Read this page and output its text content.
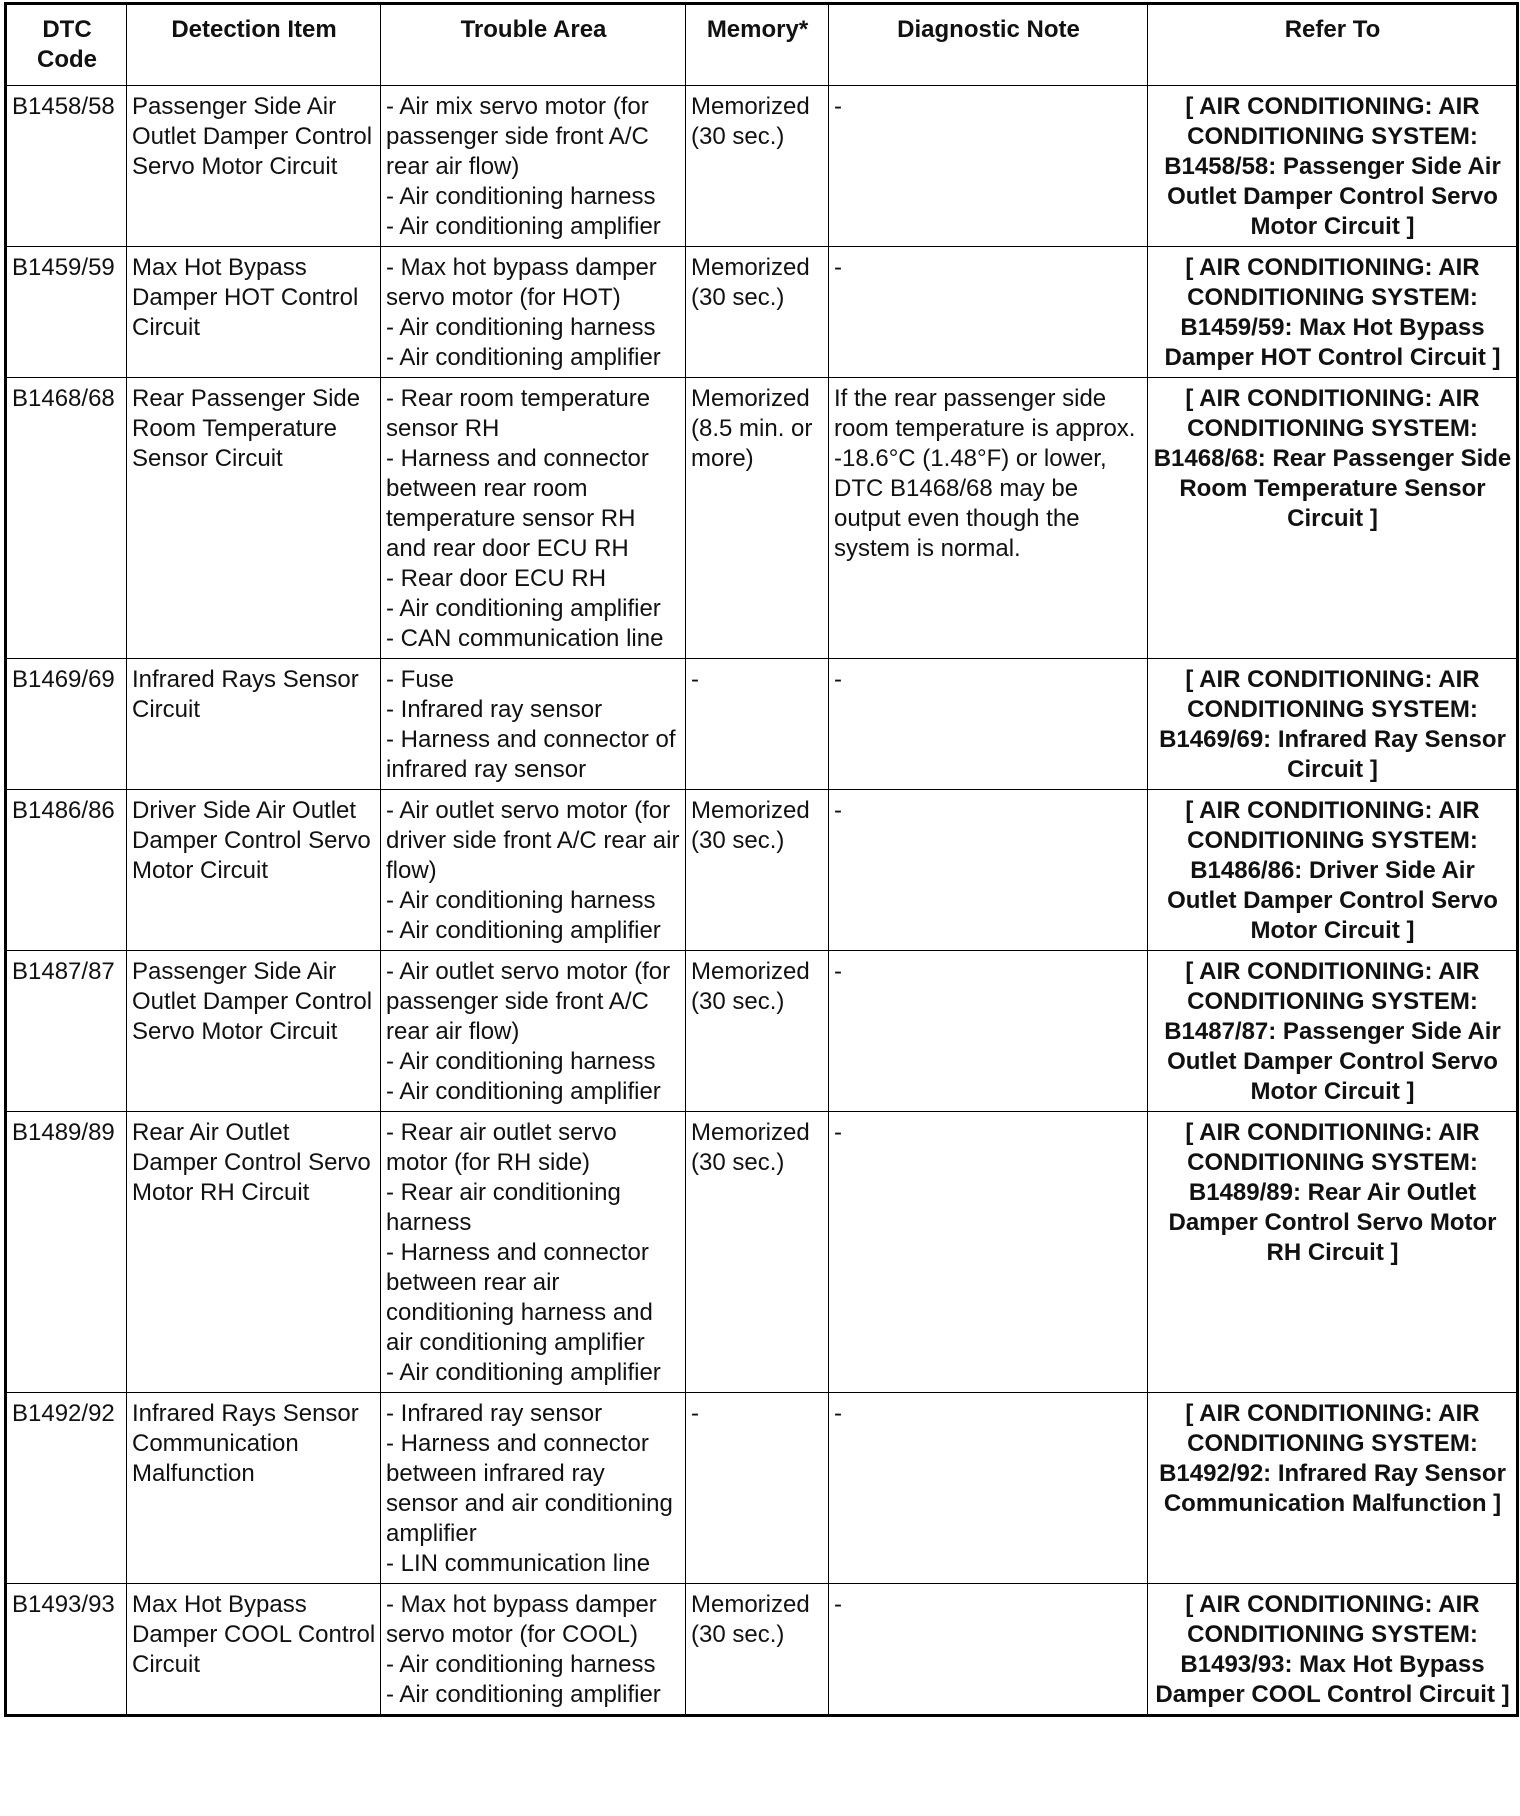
DTC Code	Detection Item	Trouble Area	Memory*	Diagnostic Note	Refer To
B1458/58	Passenger Side Air Outlet Damper Control Servo Motor Circuit	- Air mix servo motor (for passenger side front A/C rear air flow)
- Air conditioning harness
- Air conditioning amplifier	Memorized (30 sec.)	-	[ AIR CONDITIONING: AIR CONDITIONING SYSTEM: B1458/58: Passenger Side Air Outlet Damper Control Servo Motor Circuit ]
B1459/59	Max Hot Bypass Damper HOT Control Circuit	- Max hot bypass damper servo motor (for HOT)
- Air conditioning harness
- Air conditioning amplifier	Memorized (30 sec.)	-	[ AIR CONDITIONING: AIR CONDITIONING SYSTEM: B1459/59: Max Hot Bypass Damper HOT Control Circuit ]
B1468/68	Rear Passenger Side Room Temperature Sensor Circuit	- Rear room temperature sensor RH
- Harness and connector between rear room temperature sensor RH and rear door ECU RH
- Rear door ECU RH
- Air conditioning amplifier
- CAN communication line	Memorized (8.5 min. or more)	If the rear passenger side room temperature is approx. -18.6°C (1.48°F) or lower, DTC B1468/68 may be output even though the system is normal.	[ AIR CONDITIONING: AIR CONDITIONING SYSTEM: B1468/68: Rear Passenger Side Room Temperature Sensor Circuit ]
B1469/69	Infrared Rays Sensor Circuit	- Fuse
- Infrared ray sensor
- Harness and connector of infrared ray sensor	-	-	[ AIR CONDITIONING: AIR CONDITIONING SYSTEM: B1469/69: Infrared Ray Sensor Circuit ]
B1486/86	Driver Side Air Outlet Damper Control Servo Motor Circuit	- Air outlet servo motor (for driver side front A/C rear air flow)
- Air conditioning harness
- Air conditioning amplifier	Memorized (30 sec.)	-	[ AIR CONDITIONING: AIR CONDITIONING SYSTEM: B1486/86: Driver Side Air Outlet Damper Control Servo Motor Circuit ]
B1487/87	Passenger Side Air Outlet Damper Control Servo Motor Circuit	- Air outlet servo motor (for passenger side front A/C rear air flow)
- Air conditioning harness
- Air conditioning amplifier	Memorized (30 sec.)	-	[ AIR CONDITIONING: AIR CONDITIONING SYSTEM: B1487/87: Passenger Side Air Outlet Damper Control Servo Motor Circuit ]
B1489/89	Rear Air Outlet Damper Control Servo Motor RH Circuit	- Rear air outlet servo motor (for RH side)
- Rear air conditioning harness
- Harness and connector between rear air conditioning harness and air conditioning amplifier
- Air conditioning amplifier	Memorized (30 sec.)	-	[ AIR CONDITIONING: AIR CONDITIONING SYSTEM: B1489/89: Rear Air Outlet Damper Control Servo Motor RH Circuit ]
B1492/92	Infrared Rays Sensor Communication Malfunction	- Infrared ray sensor
- Harness and connector between infrared ray sensor and air conditioning amplifier
- LIN communication line	-	-	[ AIR CONDITIONING: AIR CONDITIONING SYSTEM: B1492/92: Infrared Ray Sensor Communication Malfunction ]
B1493/93	Max Hot Bypass Damper COOL Control Circuit	- Max hot bypass damper servo motor (for COOL)
- Air conditioning harness
- Air conditioning amplifier	Memorized (30 sec.)	-	[ AIR CONDITIONING: AIR CONDITIONING SYSTEM: B1493/93: Max Hot Bypass Damper COOL Control Circuit ]
